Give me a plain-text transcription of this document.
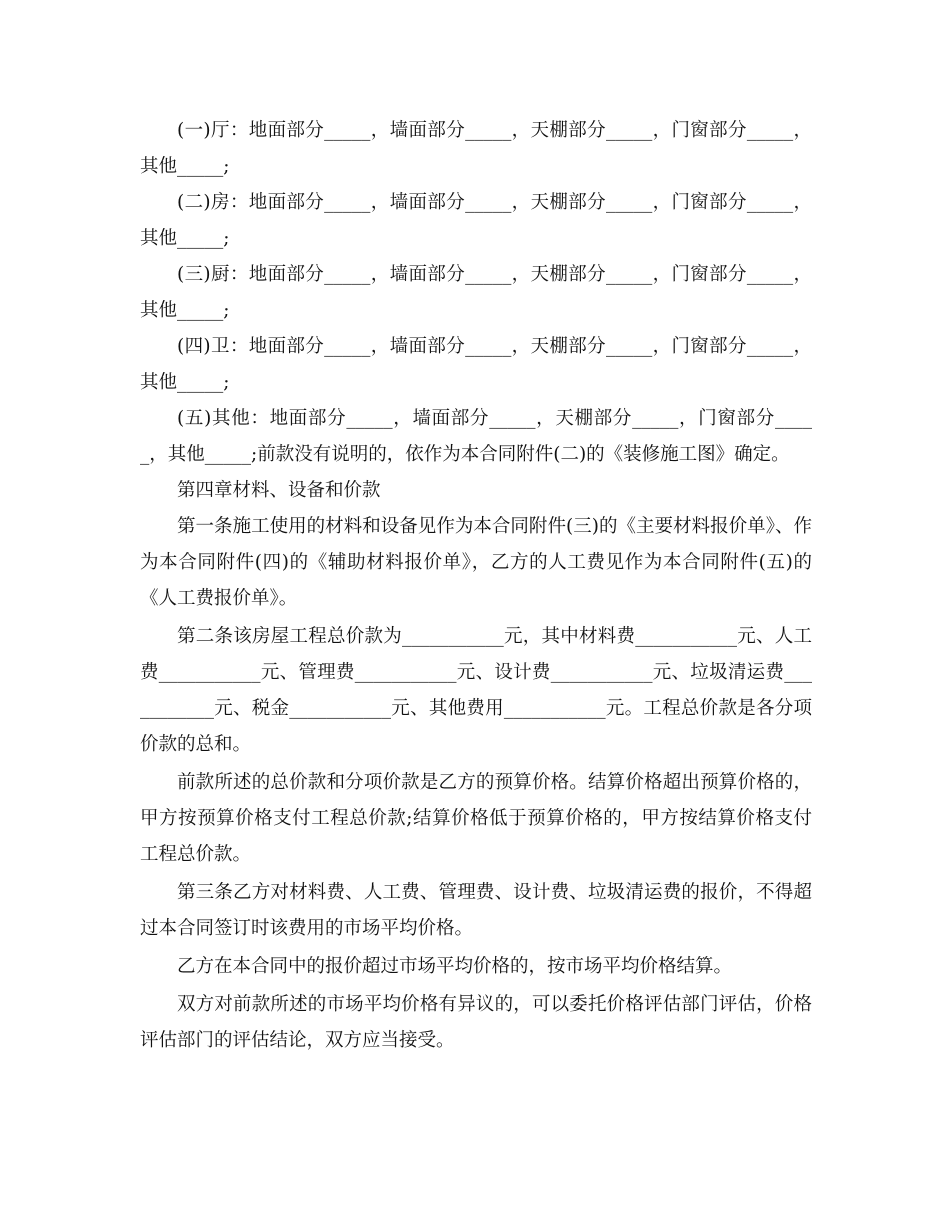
(一)厅：地面部分_____，墙面部分_____，天棚部分_____，门窗部分_____，其他_____;

(二)房：地面部分_____，墙面部分_____，天棚部分_____，门窗部分_____，其他_____;

(三)厨：地面部分_____，墙面部分_____，天棚部分_____，门窗部分_____，其他_____;

(四)卫：地面部分_____，墙面部分_____，天棚部分_____，门窗部分_____，其他_____;

(五)其他：地面部分_____，墙面部分_____，天棚部分_____，门窗部分_____，其他_____;前款没有说明的，依作为本合同附件(二)的《装修施工图》确定。

第四章材料、设备和价款

第一条施工使用的材料和设备见作为本合同附件(三)的《主要材料报价单》、作为本合同附件(四)的《辅助材料报价单》，乙方的人工费见作为本合同附件(五)的《人工费报价单》。

第二条该房屋工程总价款为___________元，其中材料费___________元、人工费___________元、管理费___________元、设计费___________元、垃圾清运费___________元、税金___________元、其他费用___________元。工程总价款是各分项价款的总和。

前款所述的总价款和分项价款是乙方的预算价格。结算价格超出预算价格的，甲方按预算价格支付工程总价款;结算价格低于预算价格的，甲方按结算价格支付工程总价款。

第三条乙方对材料费、人工费、管理费、设计费、垃圾清运费的报价，不得超过本合同签订时该费用的市场平均价格。

乙方在本合同中的报价超过市场平均价格的，按市场平均价格结算。

双方对前款所述的市场平均价格有异议的，可以委托价格评估部门评估，价格评估部门的评估结论，双方应当接受。
